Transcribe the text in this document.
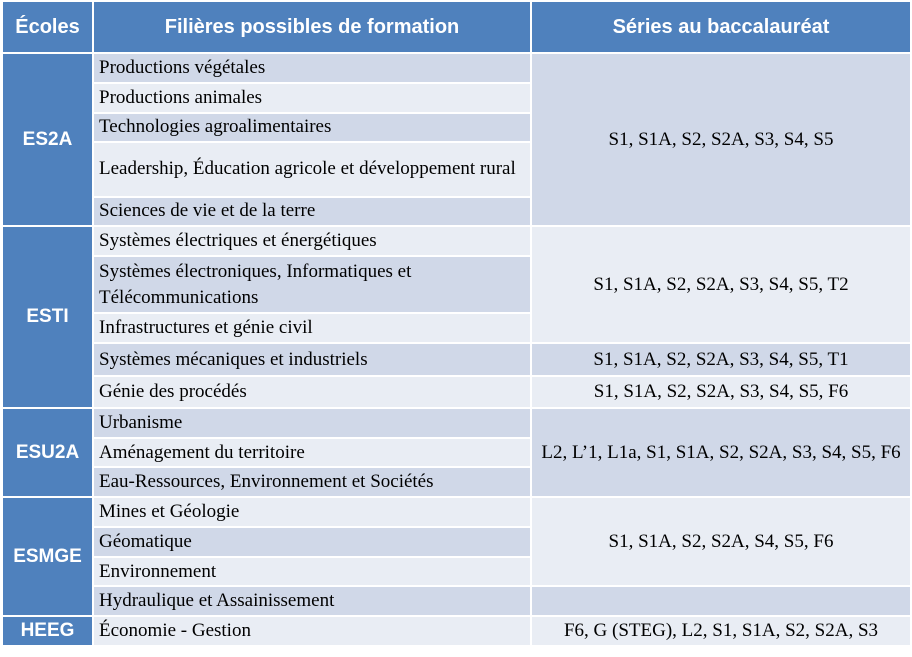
Écoles	Filières possibles de formation	Séries au baccalauréat
ES2A	Productions végétales	S1, S1A, S2, S2A, S3, S4, S5
	Productions animales	
	Technologies agroalimentaires	
	Leadership, Éducation agricole et développement rural	
	Sciences de vie et de la terre	
ESTI	Systèmes électriques et énergétiques	S1, S1A, S2, S2A, S3, S4, S5, T2
	Systèmes électroniques, Informatiques et Télécommunications	
	Infrastructures et génie civil	
	Systèmes mécaniques et industriels	S1, S1A, S2, S2A, S3, S4, S5, T1
	Génie des procédés	S1, S1A, S2, S2A, S3, S4, S5, F6
ESU2A	Urbanisme	L2, L’1, L1a, S1, S1A, S2, S2A, S3, S4, S5, F6
	Aménagement du territoire	
	Eau-Ressources, Environnement et Sociétés	
ESMGE	Mines et Géologie	S1, S1A, S2, S2A, S4, S5, F6
	Géomatique	
	Environnement	
	Hydraulique et Assainissement	
HEEG	Économie - Gestion	F6, G (STEG), L2, S1, S1A, S2, S2A, S3
